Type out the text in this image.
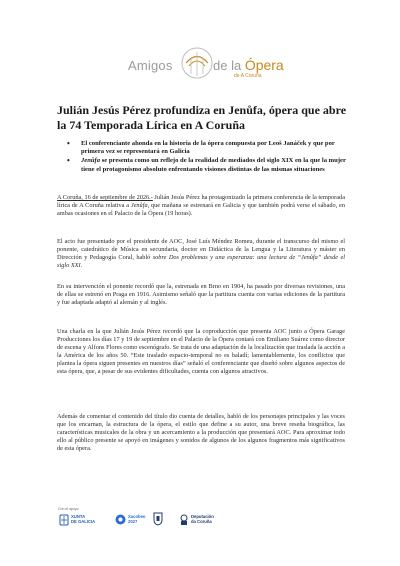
Amigos	de la Ópera
de A Coruña
Julián Jesús Pérez profundiza en Jenůfa, ópera que abre la 74 Temporada Lírica en A Coruña
• El conferenciante ahonda en la historia de la ópera compuesta por Leoš Janáček y que por primera vez se representará en Galicia
• Jenůfa se presenta como un reflejo de la realidad de mediados del siglo XIX en la que la mujer tiene el protagonismo absoluto enfrentando visiones distintas de las mismas situaciones

A Coruña, 16 de septiembre de 2026.- Julián Jesús Pérez ha protagonizado la primera conferencia de la temporada lírica de A Coruña relativa a Jenůfa, que mañana se estrenará en Galicia y que también podrá verse el sábado, en ambas ocasiones en el Palacio de la Ópera (19 horas).

El acto fue presentado por el presidente de AOC, José Luís Méndez Romeu, durante el transcurso del mismo el ponente, catedrático de Música en secundaria, doctor en Didáctica de la Lengua y la Literatura y máster en Dirección y Pedagogía Coral, habló sobre Dos problemas y una esperanza: una lectura de “Jenůfa” desde el siglo XXI.

En su intervención el ponente recordó que la, estrenada en Brno en 1904, ha pasado por diversas revisiones, una de ellas se estrenó en Praga en 1916. Asimismo señaló que la partitura cuenta con varias ediciones de la partitura y fue adaptada adaptó al alemán y al inglés.

Una charla en la que Julián Jesús Pérez recordó que la coproducción que presenta AOC junto a Ópera Garage Producciones los días 17 y 19 de septiembre en el Palacio de la Ópera contará con Emiliano Suárez como director de escena y Alfons Flores como escenógrafo. Se trata de una adaptación de la localización que traslada la acción a la América de los años 50. “Este traslado espacio-temporal no es baladí; lamentablemente, los conflictos que plantea la ópera siguen presentes en nuestros días” señaló el conferenciante que diseñó sobre algunos aspectos de esta ópera, que, a pesar de sus evidentes dificultades, cuenta con algunos atractivos.

Además de comentar el contenido del título dio cuenta de detalles, habló de los personajes principales y las voces que los encarnan, la estructura de la ópera, el estilo que define a su autor, una breve reseña biográfica, las características musicales de la obra y un acercamiento a la producción que presentará AOC. Para aproximar todo ello al público presente se apoyó en imágenes y sonidos de algunos de los algunos fragmentos más significativos de esta ópera.

Con el apoyo
XUNTA
DE GALICIA
Xacobeo
2027
Deputación
da Coruña
